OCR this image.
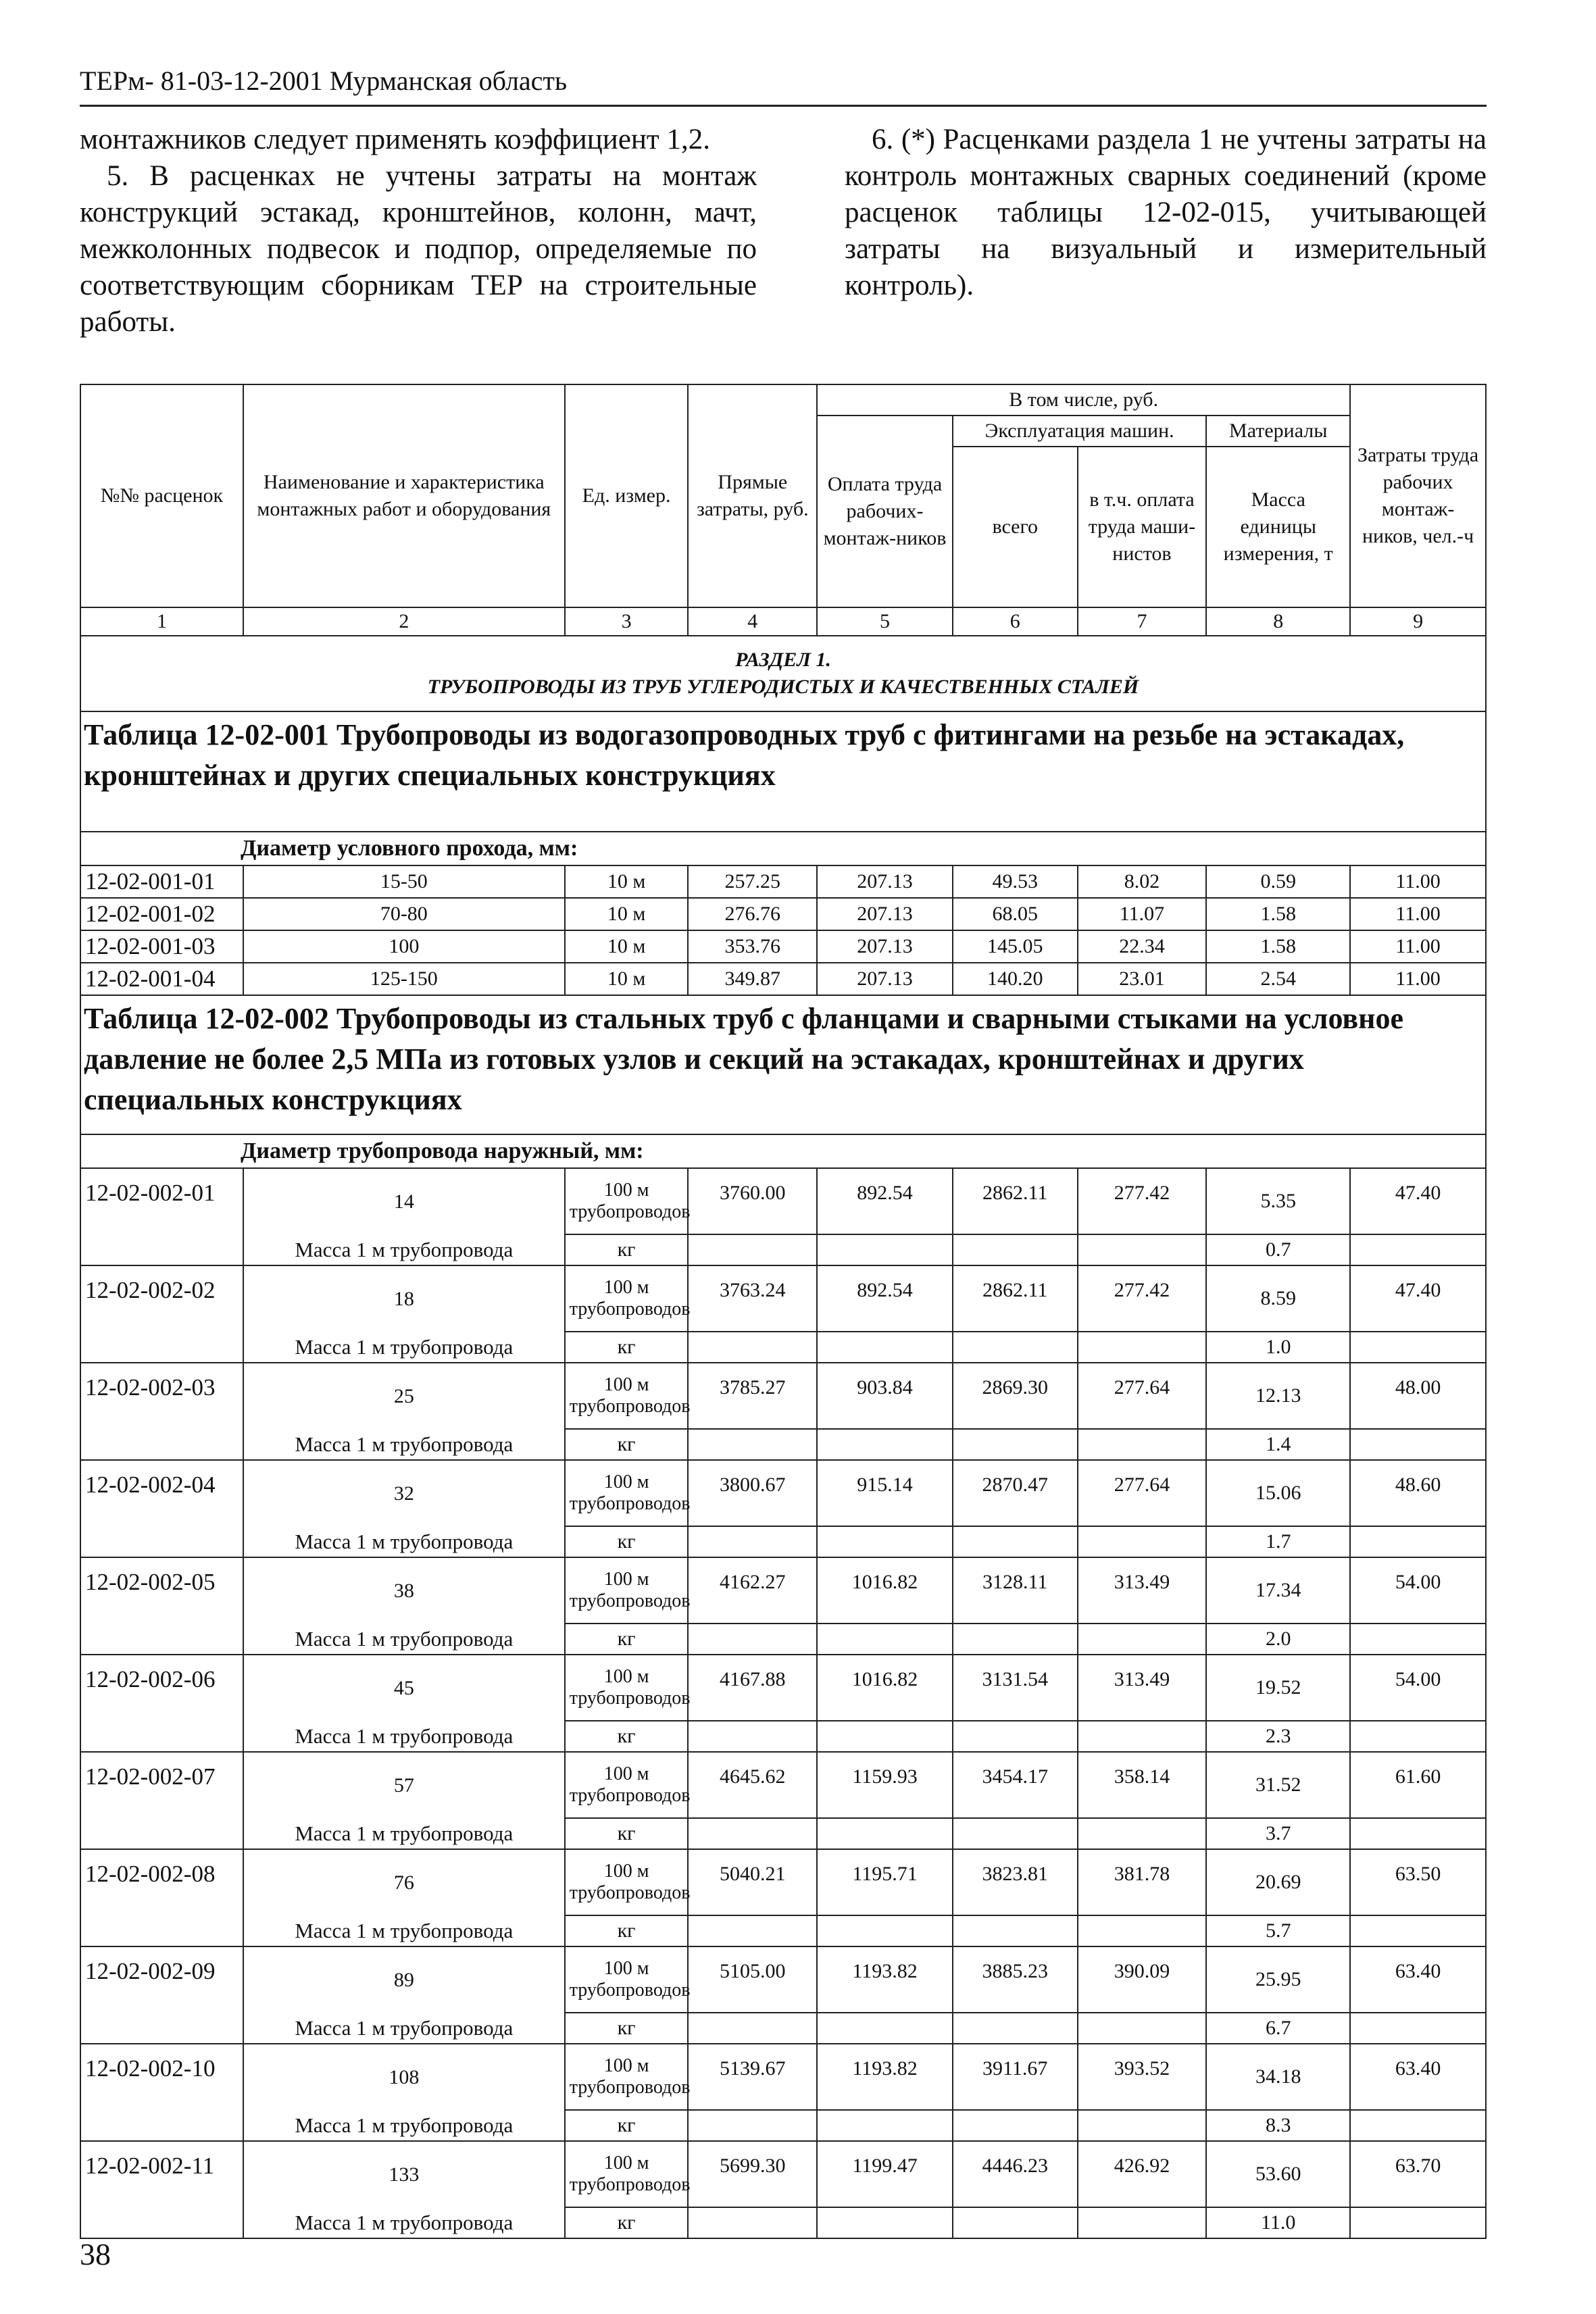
ТЕРм- 81-03-12-2001 Мурманская область

монтажников следует применять коэффициент 1,2.

5. В расценках не учтены затраты на монтаж конструкций эстакад, кронштейнов, колонн, мачт, межколонных подвесок и подпор, определяемые по соответствующим сборникам ТЕР на строительные работы.

6. (*) Расценками раздела 1 не учтены затраты на контроль монтажных сварных соединений (кроме расценок таблицы 12-02-015, учитывающей затраты на визуальный и измерительный контроль).

№№ расценок	Наименование и характеристика монтажных работ и оборудования	Ед. измер.	Прямые затраты, руб.	В том числе, руб.				Затраты труда рабочих монтаж-ников, чел.-ч
				Оплата труда рабочих-монтаж-ников	Эксплуатация машин.		Материалы	
					всего	в т.ч. оплата труда маши-нистов	Масса единицы измерения, т	
1	2	3	4	5	6	7	8	9

РАЗДЕЛ 1.
ТРУБОПРОВОДЫ ИЗ ТРУБ УГЛЕРОДИСТЫХ И КАЧЕСТВЕННЫХ СТАЛЕЙ								

Таблица 12-02-001 Трубопроводы из водогазопроводных труб с фитингами на резьбе на эстакадах, кронштейнах и других специальных конструкциях								
Диаметр условного прохода, мм:								
12-02-001-01	15-50	10 м	257.25	207.13	49.53	8.02	0.59	11.00
12-02-001-02	70-80	10 м	276.76	207.13	68.05	11.07	1.58	11.00
12-02-001-03	100	10 м	353.76	207.13	145.05	22.34	1.58	11.00
12-02-001-04	125-150	10 м	349.87	207.13	140.20	23.01	2.54	11.00
Таблица 12-02-002 Трубопроводы из стальных труб с фланцами и сварными стыками на условное давление не более 2,5 МПа из готовых узлов и секций на эстакадах, кронштейнах и других специальных конструкциях								
Диаметр трубопровода наружный, мм:								
12-02-002-01	14	100 м трубопроводов	3760.00	892.54	2862.11	277.42	5.35	47.40
	Масса 1 м трубопровода	кг					0.7	
12-02-002-02	18	100 м трубопроводов	3763.24	892.54	2862.11	277.42	8.59	47.40
	Масса 1 м трубопровода	кг					1.0	
12-02-002-03	25	100 м трубопроводов	3785.27	903.84	2869.30	277.64	12.13	48.00
	Масса 1 м трубопровода	кг					1.4	
12-02-002-04	32	100 м трубопроводов	3800.67	915.14	2870.47	277.64	15.06	48.60
	Масса 1 м трубопровода	кг					1.7	
12-02-002-05	38	100 м трубопроводов	4162.27	1016.82	3128.11	313.49	17.34	54.00
	Масса 1 м трубопровода	кг					2.0	
12-02-002-06	45	100 м трубопроводов	4167.88	1016.82	3131.54	313.49	19.52	54.00
	Масса 1 м трубопровода	кг					2.3	
12-02-002-07	57	100 м трубопроводов	4645.62	1159.93	3454.17	358.14	31.52	61.60
	Масса 1 м трубопровода	кг					3.7	
12-02-002-08	76	100 м трубопроводов	5040.21	1195.71	3823.81	381.78	20.69	63.50
	Масса 1 м трубопровода	кг					5.7	
12-02-002-09	89	100 м трубопроводов	5105.00	1193.82	3885.23	390.09	25.95	63.40
	Масса 1 м трубопровода	кг					6.7	
12-02-002-10	108	100 м трубопроводов	5139.67	1193.82	3911.67	393.52	34.18	63.40
	Масса 1 м трубопровода	кг					8.3	
12-02-002-11	133	100 м трубопроводов	5699.30	1199.47	4446.23	426.92	53.60	63.70
	Масса 1 м трубопровода	кг					11.0	
38
